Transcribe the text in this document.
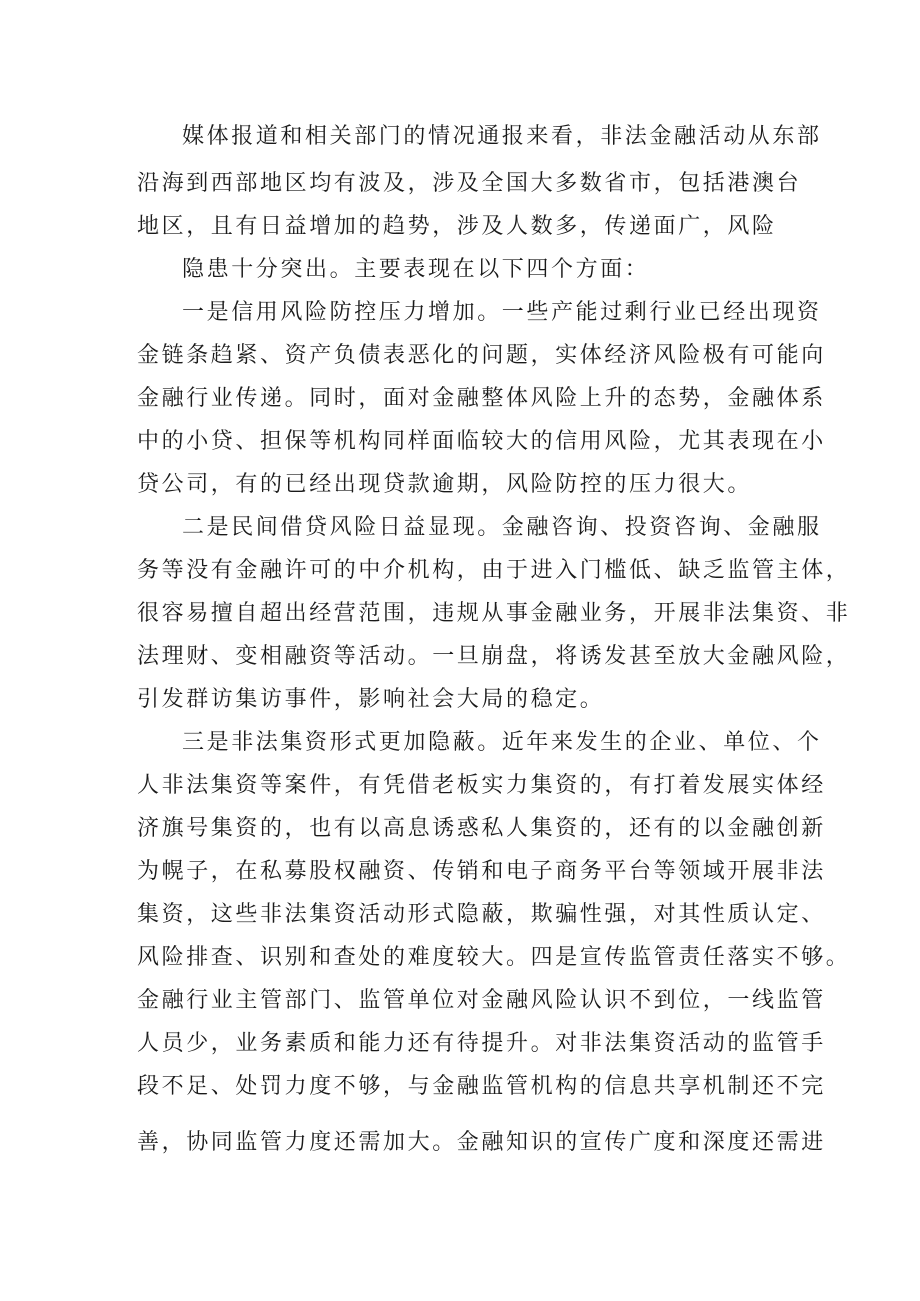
媒体报道和相关部门的情况通报来看，非法金融活动从东部
沿海到西部地区均有波及，涉及全国大多数省市，包括港澳台
地区，且有日益增加的趋势，涉及人数多，传递面广，风险
隐患十分突出。主要表现在以下四个方面：
一是信用风险防控压力增加。一些产能过剩行业已经出现资
金链条趋紧、资产负债表恶化的问题，实体经济风险极有可能向
金融行业传递。同时，面对金融整体风险上升的态势，金融体系
中的小贷、担保等机构同样面临较大的信用风险，尤其表现在小
贷公司，有的已经出现贷款逾期，风险防控的压力很大。
二是民间借贷风险日益显现。金融咨询、投资咨询、金融服
务等没有金融许可的中介机构，由于进入门槛低、缺乏监管主体，
很容易擅自超出经营范围，违规从事金融业务，开展非法集资、非
法理财、变相融资等活动。一旦崩盘，将诱发甚至放大金融风险，
引发群访集访事件，影响社会大局的稳定。
三是非法集资形式更加隐蔽。近年来发生的企业、单位、个
人非法集资等案件，有凭借老板实力集资的，有打着发展实体经
济旗号集资的，也有以高息诱惑私人集资的，还有的以金融创新
为幌子，在私募股权融资、传销和电子商务平台等领域开展非法
集资，这些非法集资活动形式隐蔽，欺骗性强，对其性质认定、
风险排查、识别和查处的难度较大。四是宣传监管责任落实不够。
金融行业主管部门、监管单位对金融风险认识不到位，一线监管
人员少，业务素质和能力还有待提升。对非法集资活动的监管手
段不足、处罚力度不够，与金融监管机构的信息共享机制还不完
善，协同监管力度还需加大。金融知识的宣传广度和深度还需进
